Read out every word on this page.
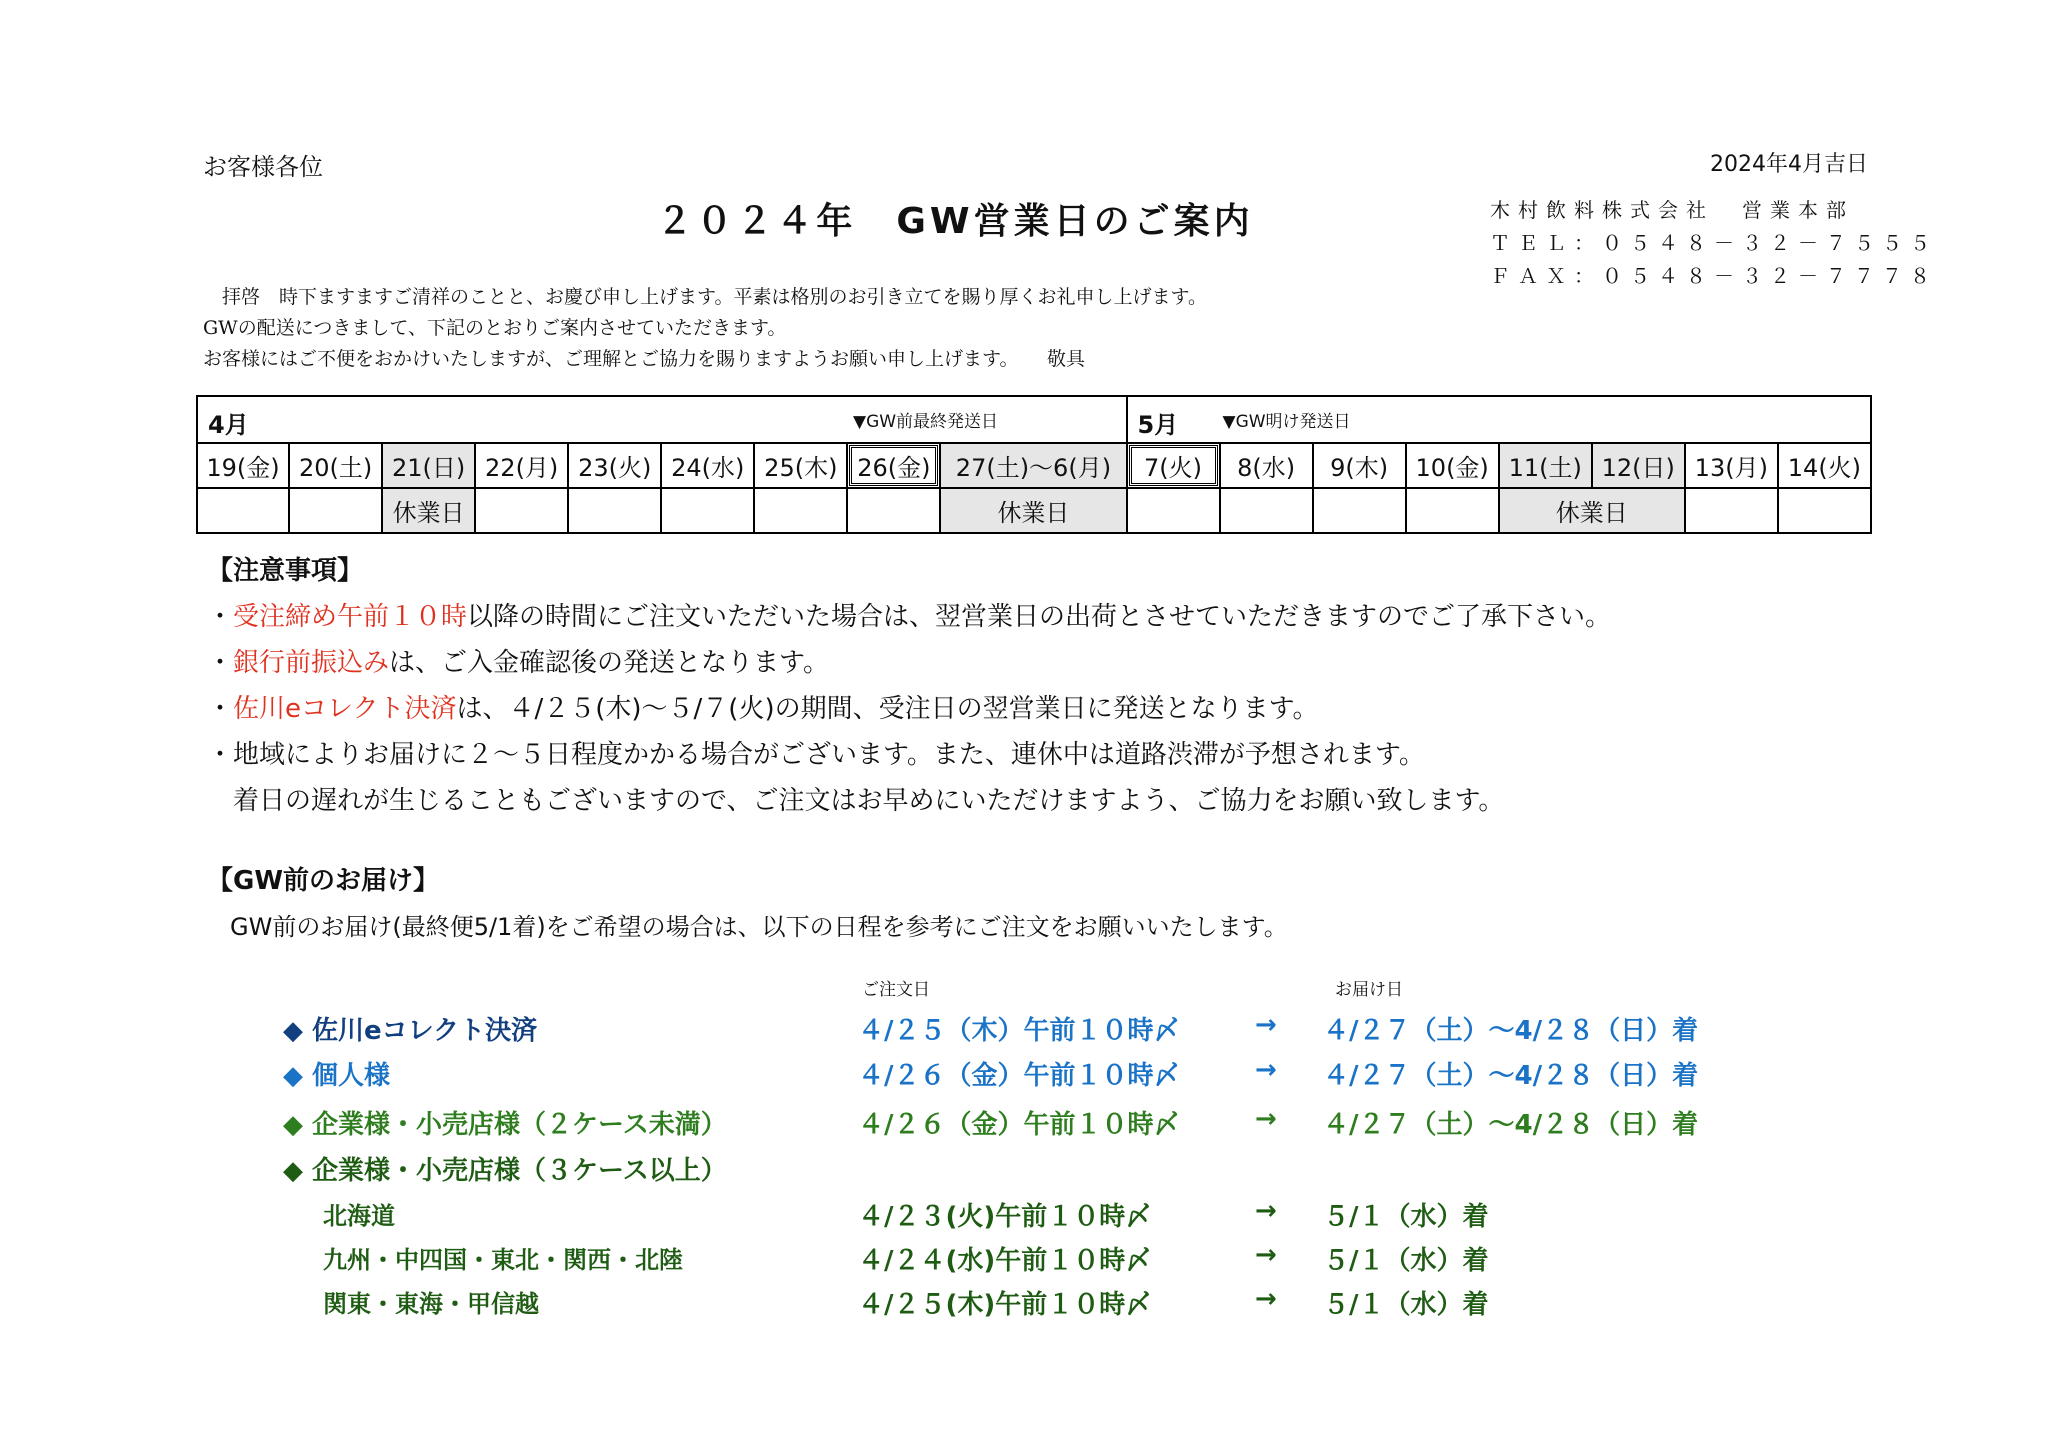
お客様各位	2024年4月吉日
２０２４年　GW営業日のご案内	木村飲料株式会社　営業本部
ＴＥＬ：０５４８－３２－７５５５
ＦＡＸ：０５４８－３２－７７７８
　拝啓　時下ますますご清祥のことと、お慶び申し上げます。平素は格別のお引き立てを賜り厚くお礼申し上げます。
GWの配送につきまして、下記のとおりご案内させていただきます。
お客様にはご不便をおかけいたしますが、ご理解とご協力を賜りますようお願い申し上げます。　　敬具
4月 ▼GW前最終発送日									5月 ▼GW明け発送日							

19(金)	20(土)	21(日)	22(月)	23(火)	24(水)	25(木)	26(金)	27(土)～6(月)	7(火)	8(水)	9(木)	10(金)	11(土)	12(日)	13(月)	14(火)
		休業日						休業日					休業日			
【注意事項】
・受注締め午前１０時以降の時間にご注文いただいた場合は、翌営業日の出荷とさせていただきますのでご了承下さい。
・銀行前振込みは、ご入金確認後の発送となります。
・佐川eコレクト決済は、４/２５(木)～５/７(火)の期間、受注日の翌営業日に発送となります。
・地域によりお届けに２～５日程度かかる場合がございます。また、連休中は道路渋滞が予想されます。
　着日の遅れが生じることもございますので、ご注文はお早めにいただけますよう、ご協力をお願い致します。
【GW前のお届け】
GW前のお届け(最終便5/1着)をご希望の場合は、以下の日程を参考にご注文をお願いいたします。
ご注文日	お届け日
◆ 佐川eコレクト決済	４/２５（木）午前１０時〆	→ ４/２７（土）～4/２８（日）着
◆ 個人様	４/２６（金）午前１０時〆	→ ４/２７（土）～4/２８（日）着
◆ 企業様・小売店様（２ケース未満）	４/２６（金）午前１０時〆	→ ４/２７（土）～4/２８（日）着
◆ 企業様・小売店様（３ケース以上）
北海道	４/２３(火)午前１０時〆	→ ５/１（水）着
九州・中四国・東北・関西・北陸	４/２４(水)午前１０時〆	→ ５/１（水）着
関東・東海・甲信越	４/２５(木)午前１０時〆	→ ５/１（水）着
